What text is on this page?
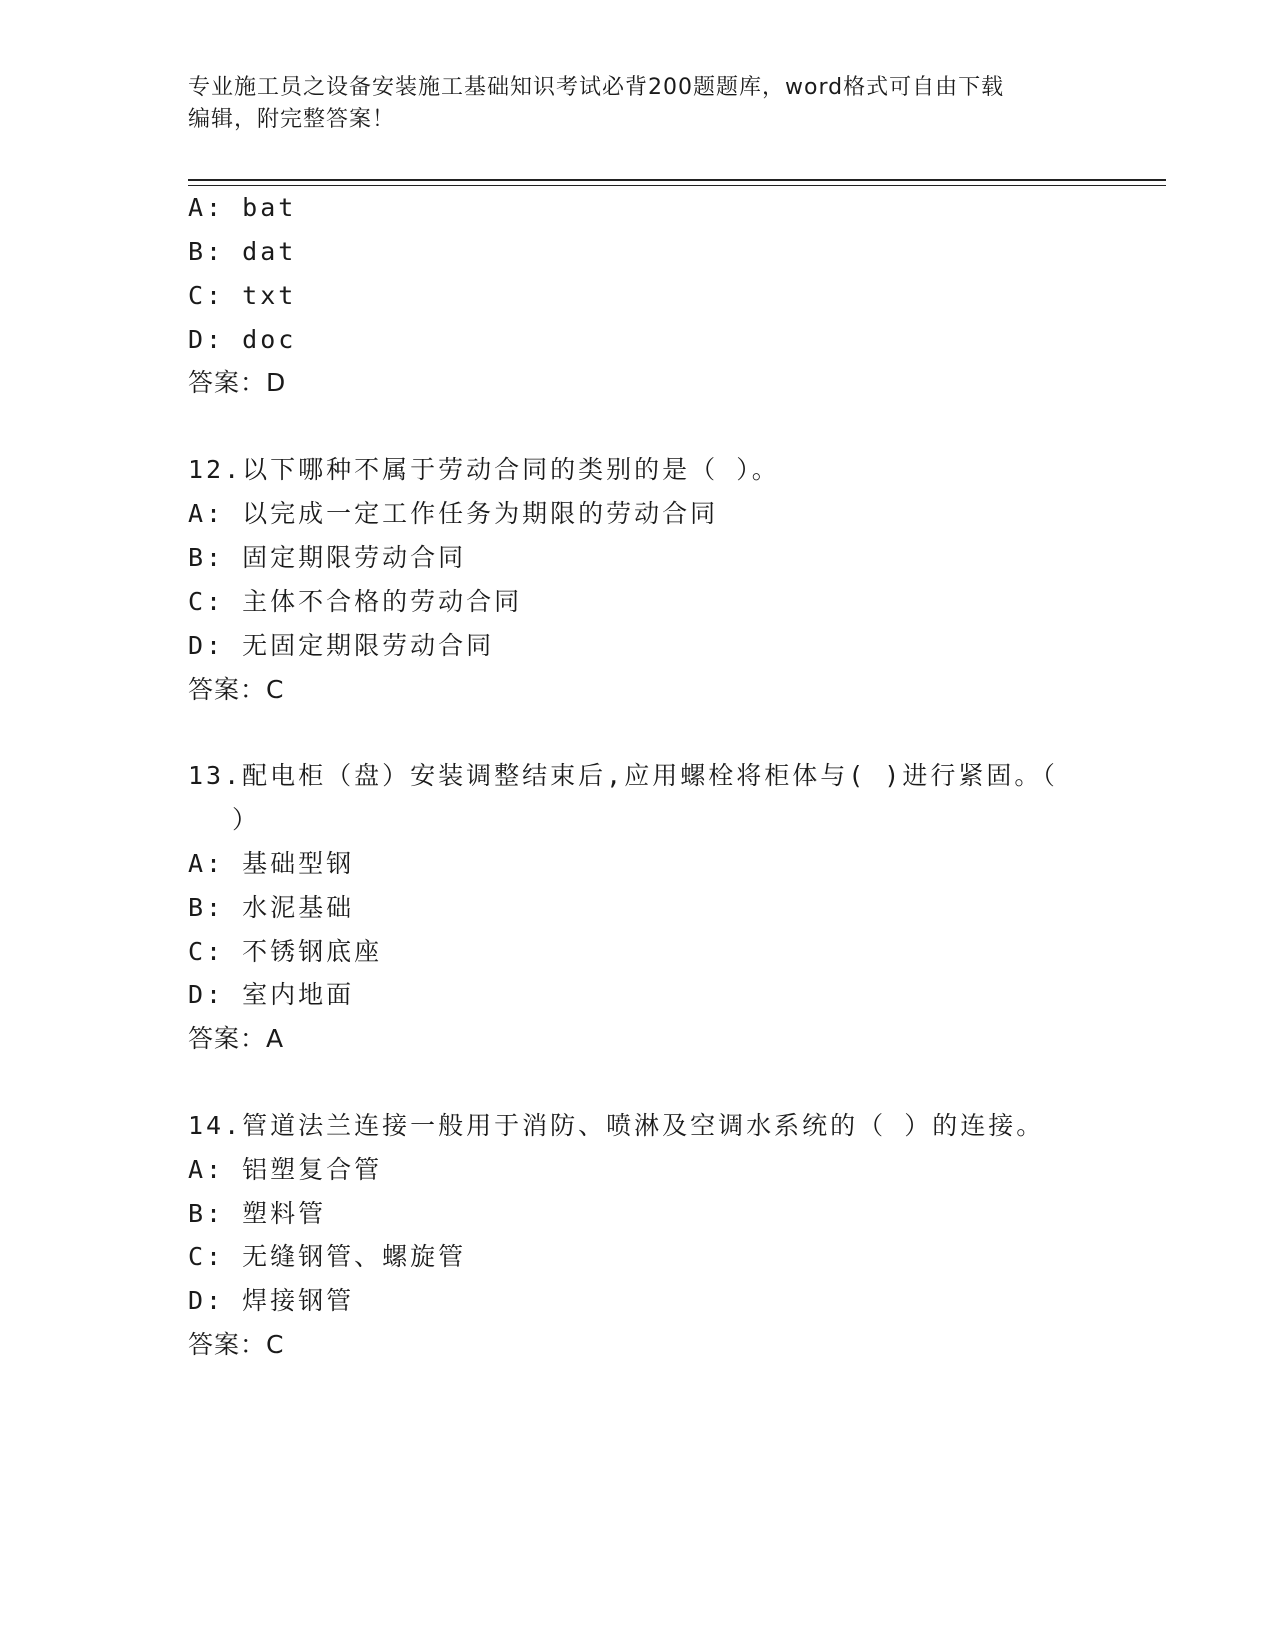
专业施工员之设备安装施工基础知识考试必背200题题库，word格式可自由下载
编辑，附完整答案！
A: bat
B: dat
C: txt
D: doc
答案：D
12.以下哪种不属于劳动合同的类别的是（ ）。
A: 以完成一定工作任务为期限的劳动合同
B: 固定期限劳动合同
C: 主体不合格的劳动合同
D: 无固定期限劳动合同
答案：C
13.配电柜（盘）安装调整结束后,应用螺栓将柜体与( )进行紧固。（
）
A: 基础型钢
B: 水泥基础
C: 不锈钢底座
D: 室内地面
答案：A
14.管道法兰连接一般用于消防、喷淋及空调水系统的（ ）的连接。
A: 铝塑复合管
B: 塑料管
C: 无缝钢管、螺旋管
D: 焊接钢管
答案：C
